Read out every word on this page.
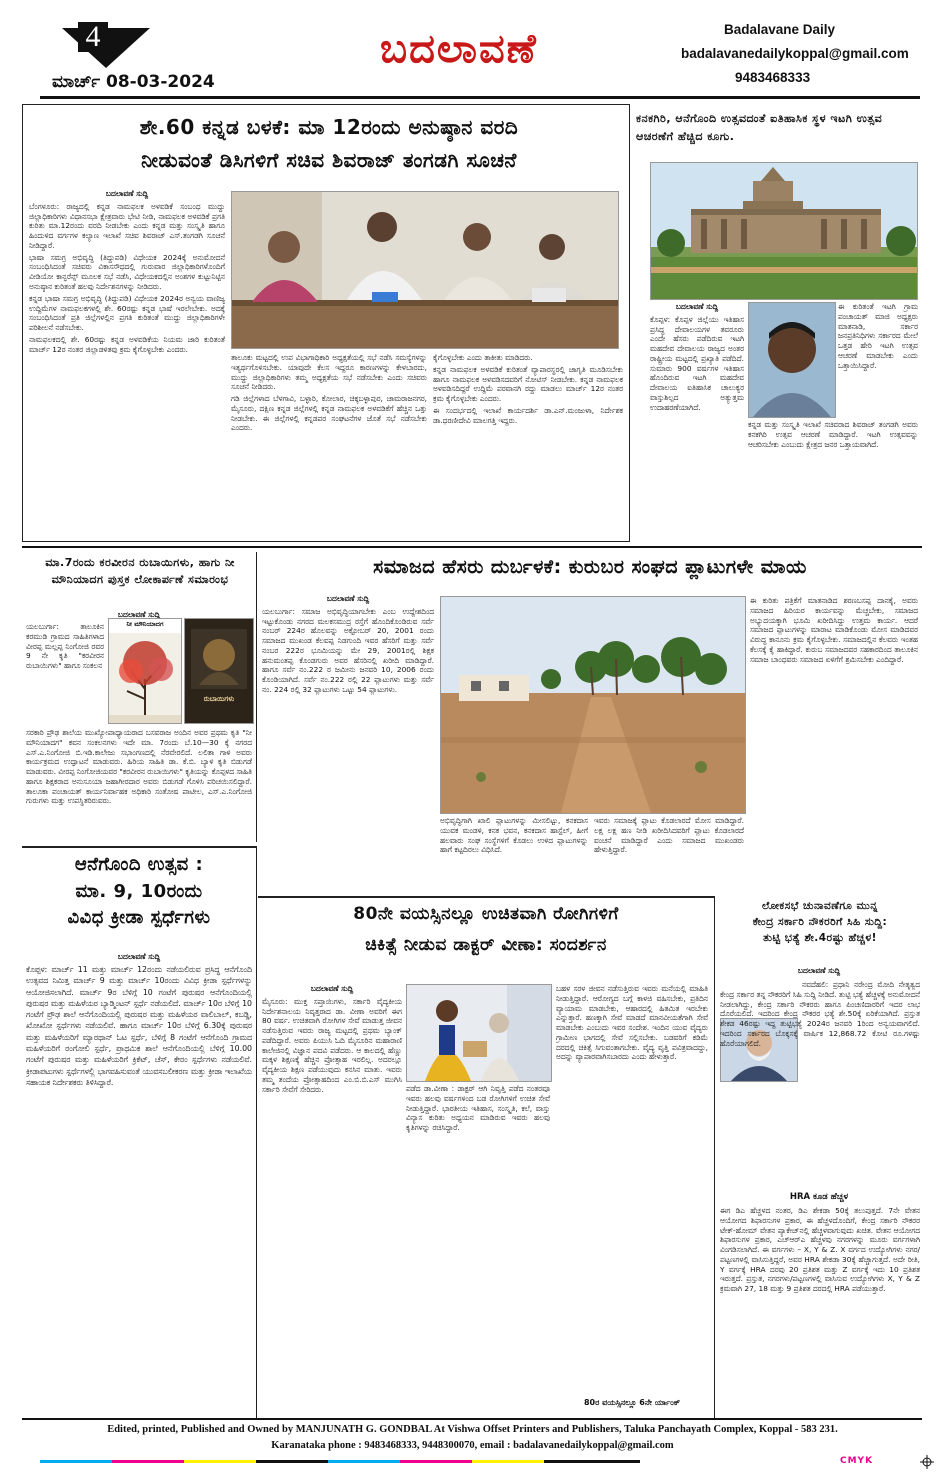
4
ಮಾರ್ಚ್ 08-03-2024
ಬದಲಾವಣೆ	Badalavane Daily
badalavanedailykoppal@gmail.com
9483468333
ಶೇ.60 ಕನ್ನಡ ಬಳಕೆ: ಮಾ 12ರಂದು ಅನುಷ್ಠಾನ ವರದಿ
ನೀಡುವಂತೆ ಡಿಸಿಗಳಿಗೆ ಸಚಿವ ಶಿವರಾಜ್ ತಂಗಡಗಿ ಸೂಚನೆ
ಬದಲಾವಣೆ ಸುದ್ದಿ

ಬೆಂಗಳೂರು: ರಾಜ್ಯದಲ್ಲಿ ಕನ್ನಡ ನಾಮಫಲಕ ಅಳವಡಿಕೆ ಸಂಬಂಧ ಮುದ್ದು ಜಿಲ್ಲಾಧಿಕಾರಿಗಳು ವಿಧಾನಸಭಾ ಕ್ಷೇತ್ರವಾರು ಭೇಟಿ ನೀಡಿ, ನಾಮಫಲಕ ಅಳವಡಿಕೆ ಪ್ರಗತಿ ಕುರಿತು ಮಾ.12ರಂದು ವರದಿ ನೀಡಬೇಕು ಎಂದು ಕನ್ನಡ ಮತ್ತು ಸಂಸ್ಕೃತಿ ಹಾಗೂ ಹಿಂದುಳಿದ ವರ್ಗಗಳ ಕಲ್ಯಾಣ ಇಲಾಖೆ ಸಚಿವ ಶಿವರಾಜ್ ಎಸ್.ತಂಗಡಗಿ ಸೂಚನೆ ನೀಡಿದ್ದಾರೆ.

ಭಾಷಾ ಸಮಗ್ರ ಅಭಿವೃದ್ಧಿ (ತಿದ್ದುಪಡಿ) ವಿಧೇಯಕ 2024ಕ್ಕೆ ಅನುಮೋದನೆ ಸಂಬಂಧಿಸಿದಂತೆ ಸಚಿವರು ವಿಕಾಸಸೌಧದಲ್ಲಿ ಗುರುವಾರ ಜಿಲ್ಲಾಧಿಕಾರಿಗಳೊಂದಿಗೆ ವೀಡಿಯೋ ಕಾನ್ಫರೆನ್ಸ್ ಮೂಲಕ ಸಭೆ ನಡೆಸಿ, ವಿಧೇಯಕದಲ್ಲಿನ ಅಂಶಗಳ ಕುಟ್ಟುನಿಟ್ಟಿನ ಅನುಷ್ಠಾನ ಕುರಿತಂತೆ ಹಲವು ನಿರ್ದೇಶನಗಳನ್ನು ನೀಡಿದರು.

ಕನ್ನಡ ಭಾಷಾ ಸಮಗ್ರ ಅಭಿವೃದ್ಧಿ (ತಿದ್ದುಪಡಿ) ವಿಧೇಯಕ 2024ರ ಅನ್ವಯ ವಾಣಿಜ್ಯ ಉದ್ದಿಮೆಗಳ ನಾಮಫಲಕಗಳಲ್ಲಿ ಶೇ. 60ರಷ್ಟು ಕನ್ನಡ ಭಾಷೆ ಇರಲೇಬೇಕು. ಅದಕ್ಕೆ ಸಂಬಂಧಿಸಿದಂತೆ ಪ್ರತಿ ಜಿಲ್ಲೆಗಳಲ್ಲಿನ ಪ್ರಗತಿ ಕುರಿತಂತೆ ಮುದ್ದು ಜಿಲ್ಲಾಧಿಕಾರಿಗಳೇ ಪರಿಶೀಲನೆ ನಡೆಸಬೇಕು.

ನಾಮಫಲಕದಲ್ಲಿ ಶೇ. 60ರಷ್ಟು ಕನ್ನಡ ಅಳವಡಿಕೆಯ ನಿಯಮ ಜಾರಿ ಕುರಿತಂತೆ ಮಾರ್ಚ್ 12ರ ನಂತರ ಜಿಲ್ಲಾಡಳಿತವು ಕ್ರಮ ಕೈಗೊಳ್ಳಬೇಕು ಎಂದರು.

ತಾಲೂಕು ಮಟ್ಟದಲ್ಲಿ ಉಪ ವಿಭಾಗಾಧಿಕಾರಿ ಅಧ್ಯಕ್ಷತೆಯಲ್ಲಿ ಸಭೆ ನಡೆಸಿ ಸಮಸ್ಯೆಗಳನ್ನು ಇತ್ಯರ್ಥಗೊಳಿಸಬೇಕು. ಯಾವುದೇ ಕೆಲಸ ಇದ್ದರೂ ಕಾರಣಗಳನ್ನು ಕೇಳಬಾರದು, ಮುದ್ದು ಜಿಲ್ಲಾಧಿಕಾರಿಗಳು ತಮ್ಮ ಅಧ್ಯಕ್ಷತೆಯ ಸಭೆ ನಡೆಸಬೇಕು ಎಂದು ಸಚಿವರು ಸೂಚನೆ ನೀಡಿದರು.

ಗಡಿ ಜಿಲ್ಲೆಗಳಾದ ಬೆಳಗಾವಿ, ಬಳ್ಳಾರಿ, ಕೋಲಾರ, ಚಿಕ್ಕಬಳ್ಳಾಪುರ, ಚಾಮರಾಜನಗರ, ಮೈಸೂರು, ದಕ್ಷಿಣ ಕನ್ನಡ ಜಿಲ್ಲೆಗಳಲ್ಲಿ ಕನ್ನಡ ನಾಮಫಲಕ ಅಳವಡಿಕೆಗೆ ಹೆಚ್ಚಿನ ಒತ್ತು ನೀಡಬೇಕು. ಈ ಜಿಲ್ಲೆಗಳಲ್ಲಿ ಕನ್ನಡಪರ ಸಂಘಟನೆಗಳ ಜೊತೆ ಸಭೆ ನಡೆಸಬೇಕು ಎಂದರು.

ಕೈಗೊಳ್ಳಬೇಕು ಎಂದು ತಾಕೀತು ಮಾಡಿದರು.

ಕನ್ನಡ ನಾಮಫಲಕ ಅಳವಡಿಕೆ ಕುರಿತಂತೆ ವ್ಯಾಪಾರಸ್ಥರಲ್ಲಿ ಜಾಗೃತಿ ಮೂಡಿಸಬೇಕು ಹಾಗೂ ನಾಮಫಲಕ ಅಳವಡಿಸದವರಿಗೆ ನೋಟಿಸ್ ನೀಡಬೇಕು. ಕನ್ನಡ ನಾಮಫಲಕ ಅಳವಡಿಸದಿದ್ದರೆ ಉದ್ದಿಮೆ ಪರವಾನಗಿ ರದ್ದು ಮಾಡಲು ಮಾರ್ಚ್ 12ರ ನಂತರ ಕ್ರಮ ಕೈಗೊಳ್ಳಬೇಕು ಎಂದರು.

ಈ ಸಂದರ್ಭದಲ್ಲಿ ಇಲಾಖೆ ಕಾರ್ಯದರ್ಶಿ ಡಾ.ಎನ್.ಮಂಜುಳಾ, ನಿರ್ದೇಶಕ ಡಾ.ಧರಣೀದೇವಿ ಮಾಲಗತ್ತಿ ಇದ್ದರು.

ಕನಕಗಿರಿ, ಆನೆಗೊಂದಿ ಉತ್ಸವದಂತೆ ಐತಿಹಾಸಿಕ ಸ್ಥಳ ಇಟಗಿ ಉತ್ಸವ ಆಚರಣೆಗೆ ಹೆಚ್ಚಿದ ಕೂಗು.
ಬದಲಾವಣೆ ಸುದ್ದಿ

ಕೊಪ್ಪಳ: ಕೊಪ್ಪಳ ಜಿಲ್ಲೆಯು ಇತಿಹಾಸ ಪ್ರಸಿದ್ಧ ದೇವಾಲಯಗಳ ತವರೂರು ಎಂದೇ ಹೆಸರು ಪಡೆದಿರುವ ಇಟಗಿ ಮಹದೇವ ದೇವಾಲಯ ರಾಜ್ಯದ ಅಂತರ ರಾಷ್ಟ್ರೀಯ ಮಟ್ಟದಲ್ಲಿ ಪ್ರಖ್ಯಾತಿ ಪಡೆದಿದೆ. ಸುಮಾರು 900 ವರ್ಷಗಳ ಇತಿಹಾಸ ಹೊಂದಿರುವ ಇಟಗಿ ಮಹದೇವ ದೇವಾಲಯ ಐತಿಹಾಸಿಕ ಚಾಲುಕ್ಯರ ವಾಸ್ತುಶಿಲ್ಪದ ಅತ್ಯುತ್ತಮ ಉದಾಹರಣೆಯಾಗಿದೆ.

ಈ ಕುರಿತಂತೆ ಇಟಗಿ ಗ್ರಾಮ ಪಂಚಾಯತ್ ಮಾಜಿ ಅಧ್ಯಕ್ಷರು ಮಾತನಾಡಿ, ಸರ್ಕಾರ ಜನಪ್ರತಿನಿಧಿಗಳು ಸರ್ಕಾರದ ಮೇಲೆ ಒತ್ತಡ ಹೇರಿ ಇಟಗಿ ಉತ್ಸವ ಆಚರಣೆ ಮಾಡಬೇಕು ಎಂದು ಒತ್ತಾಯಿಸಿದ್ದಾರೆ.

ಕನ್ನಡ ಮತ್ತು ಸಂಸ್ಕೃತಿ ಇಲಾಖೆ ಸಚಿವರಾದ ಶಿವರಾಜ್ ತಂಗಡಗಿ ಅವರು ಕನಕಗಿರಿ ಉತ್ಸವ ಆಚರಣೆ ಮಾಡಿದ್ದಾರೆ. ಇಟಗಿ ಉತ್ಸವವನ್ನು ಆಚರಿಸಬೇಕು ಎಂಬುದು ಕ್ಷೇತ್ರದ ಜನರ ಒತ್ತಾಯವಾಗಿದೆ.

ಮಾ.7ರಂದು ಕರವೀರನ ರುಬಾಯಿಗಳು, ಹಾಗು ನೀ ಮೌನಿಯಾದಗ ಪುಸ್ತಕ ಲೋಕಾರ್ಪಣೆ ಸಮಾರಂಭ
ಬದಲಾವಣೆ ಸುದ್ದಿ
ಯಲಬುರ್ಗಾ: ತಾಲೂಕಿನ ಕರಮುಡಿ ಗ್ರಾಮದ ಸಾಹಿತಿಗಳಾದ ವೀರಪ್ಪ ಮಲ್ಲಪ್ಪ ನಿಂಗೋಜಿ ರವರ 9 ನೇ ಕೃತಿ "ಕರವೀರನ ರುಬಾಯಿಗಳು" ಹಾಗೂ ಸಂಕಲನ
ನೀ ಮೌನಿಯಾದಗ
ರುಬಾಯಿಗಳು
ಸರಕಾರಿ ಪ್ರೌಢ ಶಾಲೆಯ ಮುಖ್ಯೋಪಾಧ್ಯಾಯರಾದ ಬಸವರಾಜ ಅಂದಿನ ಅವರ ಪ್ರಥಮ ಕೃತಿ "ನೀ ಮೌನಿಯಾದಗ" ಕವನ ಸಂಕಲನಗಳು ಇದೇ ಮಾ. 7ರಂದು ಬೆ.10—30 ಕ್ಕೆ ನಗರದ ಎಸ್.ಎ.ನಿಂಗೋಜಿ ಬಿ.ಇಡಿ.ಕಾಲೇಜು ಸಭಾಂಗಣದಲ್ಲಿ ನೆರವೇರಲಿದೆ. ಲಲಿತಾ ಗಾಳಿ ಅವರು ಕಾರ್ಯಕ್ರಮದ ಉದ್ಘಾಟನೆ ಮಾಡುವರು. ಹಿರಿಯ ಸಾಹಿತಿ ಡಾ. ಕೆ.ಬಿ. ಬ್ಯಾಳಿ ಕೃತಿ ಬಿಡುಗಡೆ ಮಾಡುವರು. ವೀರಪ್ಪ ನಿಂಗೋಜಿಯವರ "ಕರವೀರನ ರುಬಾಯಿಗಳು" ಕೃತಿಯನ್ನು ಕೊಪ್ಪಳದ ಸಾಹಿತಿ ಹಾಗೂ ಶಿಕ್ಷಕರಾದ ಅನುಸೂಯಾ ಜಹಾಗೀರದಾರ ಅವರು ಬಿಡುಗಡೆ ಗೊಳಿಸಿ ಪರಿಚಯಿಸಲಿದ್ದಾರೆ. ತಾಲೂಕಾ ಪಂಚಾಯತ್ ಕಾರ್ಯನಿರ್ವಾಹಕ ಅಧಿಕಾರಿ ಸಂತೋಷ ಪಾಟೀಲ, ಎಸ್.ಎ.ನಿಂಗೋಜಿ ಗುರುಗಳು ಮತ್ತು ಉಪಸ್ಥಿತರಿರುವರು.
ಆನೆಗೊಂದಿ ಉತ್ಸವ :
ಮಾ. 9, 10ರಂದು
ವಿವಿಧ ಕ್ರೀಡಾ ಸ್ಪರ್ಧೆಗಳು
ಬದಲಾವಣೆ ಸುದ್ದಿ
ಕೊಪ್ಪಳ: ಮಾರ್ಚ್ 11 ಮತ್ತು ಮಾರ್ಚ್ 12ರಂದು ನಡೆಯಲಿರುವ ಪ್ರಸಿದ್ಧ ಆನೆಗೊಂದಿ ಉತ್ಸವದ ನಿಮಿತ್ತ ಮಾರ್ಚ್ 9 ಮತ್ತು ಮಾರ್ಚ್ 10ರಂದು ವಿವಿಧ ಕ್ರೀಡಾ ಸ್ಪರ್ಧೆಗಳನ್ನು ಆಯೋಜಿಸಲಾಗಿದೆ. ಮಾರ್ಚ್ 9ರ ಬೆಳಿಗ್ಗೆ 10 ಗಂಟೆಗೆ ಪುರುಷರ ಆನೆಗೊಂದಿಯಲ್ಲಿ ಪುರುಷರ ಮತ್ತು ಮಹಿಳೆಯರ ಬ್ಯಾಡ್ಮಿಂಟನ್ ಸ್ಪರ್ಧೆ ನಡೆಯಲಿದೆ. ಮಾರ್ಚ್ 10ರ ಬೆಳಿಗ್ಗೆ 10 ಗಂಟೆಗೆ ಪ್ರೌಢ ಶಾಲೆ ಆನೆಗೊಂದಿಯಲ್ಲಿ ಪುರುಷರ ಮತ್ತು ಮಹಿಳೆಯರ ವಾಲಿಬಾಲ್, ಕಬಡ್ಡಿ, ಖೋಖೋ ಸ್ಪರ್ಧೆಗಳು ನಡೆಯಲಿವೆ. ಹಾಗೂ ಮಾರ್ಚ್ 10ರ ಬೆಳಿಗ್ಗೆ 6.30ಕ್ಕೆ ಪುರುಷರ ಮತ್ತು ಮಹಿಳೆಯರಿಗೆ ಮ್ಯಾರಥಾನ್ ಓಟ ಸ್ಪರ್ಧೆ, ಬೆಳಿಗ್ಗೆ 8 ಗಂಟೆಗೆ ಆನೆಗೊಂದಿ ಗ್ರಾಮದ ಮಹಿಳೆಯರಿಗೆ ರಂಗೋಲಿ ಸ್ಪರ್ಧೆ, ಪ್ರಾಥಮಿಕ ಶಾಲೆ ಆನೆಗೊಂದಿಯಲ್ಲಿ ಬೆಳಿಗ್ಗೆ 10.00 ಗಂಟೆಗೆ ಪುರುಷರ ಮತ್ತು ಮಹಿಳೆಯರಿಗೆ ಕ್ರಿಕೆಟ್, ಚೆಸ್, ಕೇರಂ ಸ್ಪರ್ಧೆಗಳು ನಡೆಯಲಿವೆ. ಕ್ರೀಡಾಪಟುಗಳು ಸ್ಪರ್ಧೆಗಳಲ್ಲಿ ಭಾಗವಹಿಸುವಂತೆ ಯುವಸಬಲೀಕರಣ ಮತ್ತು ಕ್ರೀಡಾ ಇಲಾಖೆಯ ಸಹಾಯಕ ನಿರ್ದೇಶಕರು ತಿಳಿಸಿದ್ದಾರೆ.
ಸಮಾಜದ ಹೆಸರು ದುರ್ಬಳಕೆ: ಕುರುಬರ ಸಂಘದ ಪ್ಲಾಟುಗಳೇ ಮಾಯ
ಬದಲಾವಣೆ ಸುದ್ದಿ

ಯಲಬುರ್ಗಾ: ಸಮಾಜ ಅಭಿವೃದ್ಧಿಯಾಗಬೇಕು ಎಂಬ ಉದ್ದೇಶದಿಂದ ಇಟ್ಟುಕೊಂಡು ನಗರದ ಮಲಕಸಮುದ್ರ ರಸ್ತೆಗೆ ಹೊಂದಿಕೊಂಡಿರುವ ಸರ್ವೆ ನಂಬರ್ 224ರ ಹೊಲವನ್ನು ಅಕ್ಟೋಬರ್ 20, 2001 ರಂದು ಸಮಾಜದ ಮುಖಂಡ ಕೆಲವಪ್ಪ ನಿಡಗುಂದಿ ಇವರ ಹೆಸರಿಗೆ ಮತ್ತು ಸರ್ವೆ ನಂಬರ 222ರ ಭೂಮಿಯನ್ನು ಮೇ 29, 2001ರಲ್ಲಿ ಶಿಕ್ಷಕ ಹನುಮಂತಪ್ಪ ಕೊಂಡಗುರು ಅವರ ಹೆಸರಿನಲ್ಲಿ ಖರೀದಿ ಮಾಡಿದ್ದಾರೆ. ಹಾಗೂ ಸರ್ವೆ ನಂ.222 ರ ಜಮೀನು ಜನವರಿ 10, 2006 ರಂದು ಕೊಂಡಿಯಾಗಿದೆ. ಸರ್ವೆ ನಂ.222 ರಲ್ಲಿ 22 ಪ್ಲಾಟುಗಳು ಮತ್ತು ಸರ್ವೆ ನಂ. 224 ರಲ್ಲಿ 32 ಪ್ಲಾಟುಗಳು ಒಟ್ಟು 54 ಪ್ಲಾಟುಗಳು.

ಅಭಿವೃದ್ಧಿಗಾಗಿ ಖಾಲಿ ಪ್ಲಾಟುಗಳನ್ನು ಮೀಸಲಿಟ್ಟು, ಕನಕದಾಸ ಯುವಕ ಮಂಡಳಿ, ಕನಕ ಭವನ, ಕನಕದಾಸ ಹಾಸ್ಟೆಲ್, ಹೀಗೆ ಹಲವಾರು ಸಂಘ ಸಂಸ್ಥೆಗಳಿಗೆ ಕೊಡಲು ಉಳಿದ ಪ್ಲಾಟುಗಳನ್ನು ಹಾಗೆ ಕಟ್ಟದಿರಲು ವಿಧಿಸಿದೆ.
ಇವರು ಸಮಾಜಕ್ಕೆ ಪ್ಲಾಟು ಕೊಡಲಾರದೆ ಮೋಸ ಮಾಡಿದ್ದಾರೆ. ಲಕ್ಷ ಲಕ್ಷ ಹಣ ನೀಡಿ ಖರೀದಿಸಿದವರಿಗೆ ಪ್ಲಾಟು ಕೊಡಲಾರದೆ ವಂಚನೆ ಮಾಡಿದ್ದಾರೆ ಎಂದು ಸಮಾಜದ ಮುಖಂಡರು ಹೇಳುತ್ತಿದ್ದಾರೆ.
ಈ ಕುರಿತು ಪತ್ರಿಕೆಗೆ ಮಾತನಾಡಿದ ಶರಣಬಸಪ್ಪ ದಾನಕೈ, ಅವರು ಸಮಾಜದ ಹಿರಿಯರ ಕಾರ್ಯವನ್ನು ಮೆಚ್ಚಬೇಕು, ಸಮಾಜದ ಅಭ್ಯುದಯಕ್ಕಾಗಿ ಭೂಮಿ ಖರೀದಿಸಿದ್ದು ಉತ್ತಮ ಕಾರ್ಯ. ಆದರೆ ಸಮಾಜದ ಪ್ಲಾಟುಗಳನ್ನು ಮಾರಾಟ ಮಾಡಿಕೊಂಡು ಮೋಸ ಮಾಡಿದವರ ವಿರುದ್ಧ ಕಾನೂನು ಕ್ರಮ ಕೈಗೊಳ್ಳಬೇಕು. ಸಮಾಜದಲ್ಲಿನ ಕೆಲವರು ಇಂತಹ ಕೆಲಸಕ್ಕೆ ಕೈ ಹಾಕಿದ್ದಾರೆ. ಕುರುಬ ಸಮಾಜದವರ ಸಹಕಾರದಿಂದ ತಾಲೂಕಿನ ಸಮಾಜ ಬಾಂಧವರು ಸಮಾಜದ ಏಳಿಗೆಗೆ ಶ್ರಮಿಸಬೇಕು ಎಂದಿದ್ದಾರೆ.
80ನೇ ವಯಸ್ಸಿನಲ್ಲೂ ಉಚಿತವಾಗಿ ರೋಗಿಗಳಿಗೆ
ಚಿಕಿತ್ಸೆ ನೀಡುವ ಡಾಕ್ಟರ್ ವೀಣಾ: ಸಂದರ್ಶನ
ಬದಲಾವಣೆ ಸುದ್ದಿ

ಮೈಸೂರು: ಮುಕ್ತ ಸಪ್ತಾಯಿಗಳು, ಸರ್ಕಾರಿ ವೈದ್ಯಕೀಯ ನಿರ್ದೇಶನಾಲಯ ನಿವೃತ್ತರಾದ ಡಾ. ವೀಣಾ ಅವರಿಗೆ ಈಗ 80 ವರ್ಷ. ಉಚಿತವಾಗಿ ರೋಗಿಗಳ ಸೇವೆ ಮಾಡುತ್ತ ಜೀವನ ನಡೆಸುತ್ತಿರುವ ಇವರು ರಾಜ್ಯ ಮಟ್ಟದಲ್ಲಿ ಪ್ರಥಮ ಬ್ಯಾಂಕ್ ಪಡೆದಿದ್ದಾರೆ. ಅವರು ಪಿಯುಸಿ ಓದಿ ಮೈಸೂರಿನ ಮಹಾರಾಣಿ ಕಾಲೇಜಿನಲ್ಲಿ ವಿಜ್ಞಾನ ಪದವಿ ಪಡೆದರು. ಆ ಕಾಲದಲ್ಲಿ ಹೆಣ್ಣು ಮಕ್ಕಳ ಶಿಕ್ಷಣಕ್ಕೆ ಹೆಚ್ಚಿನ ಪ್ರೋತ್ಸಾಹ ಇರಲಿಲ್ಲ. ಅದರಲ್ಲೂ ವೈದ್ಯಕೀಯ ಶಿಕ್ಷಣ ಪಡೆಯುವುದು ಕನಸಿನ ಮಾತು. ಇವರು ತಮ್ಮ ತಂದೆಯ ಪ್ರೋತ್ಸಾಹದಿಂದ ಎಂ.ಬಿ.ಬಿ.ಎಸ್ ಮುಗಿಸಿ ಸರ್ಕಾರಿ ಸೇವೆಗೆ ಸೇರಿದರು.	ಪಡೆದ ಡಾ.ವೀಣಾ : ಡಾಕ್ಟರ್ ಆಗಿ ನಿವೃತ್ತಿ ಪಡೆದ ನಂತರವೂ ಇವರು ಹಲವು ವರ್ಷಗಳಿಂದ ಬಡ ರೋಗಿಗಳಿಗೆ ಉಚಿತ ಸೇವೆ ನೀಡುತ್ತಿದ್ದಾರೆ. ಭಾರತೀಯ ಇತಿಹಾಸ, ಸಂಸ್ಕೃತಿ, ಕಲೆ, ವಾಸ್ತು ವಿನ್ಯಾಸ ಕುರಿತು ಅಧ್ಯಯನ ಮಾಡಿರುವ ಇವರು ಹಲವು ಕೃತಿಗಳನ್ನು ರಚಿಸಿದ್ದಾರೆ.
ಬಹಳ ಸರಳ ಜೀವನ ನಡೆಸುತ್ತಿರುವ ಇವರು ಮನೆಯಲ್ಲಿ ಮಾಹಿತಿ ನೀಡುತ್ತಿದ್ದಾರೆ. ಆರೋಗ್ಯದ ಬಗ್ಗೆ ಕಾಳಜಿ ವಹಿಸಬೇಕು, ಪ್ರತಿದಿನ ವ್ಯಾಯಾಮ ಮಾಡಬೇಕು, ಆಹಾರದಲ್ಲಿ ಹಿತಮಿತ ಇರಬೇಕು ಎನ್ನುತ್ತಾರೆ. ಹಣಕ್ಕಾಗಿ ಸೇವೆ ಮಾಡದೆ ಮಾನವೀಯತೆಗಾಗಿ ಸೇವೆ ಮಾಡಬೇಕು ಎಂಬುದು ಇವರ ಸಂದೇಶ. ಇಂದಿನ ಯುವ ವೈದ್ಯರು ಗ್ರಾಮೀಣ ಭಾಗದಲ್ಲಿ ಸೇವೆ ಸಲ್ಲಿಸಬೇಕು. ಬಡವರಿಗೆ ಕಡಿಮೆ ದರದಲ್ಲಿ ಚಿಕಿತ್ಸೆ ಸಿಗುವಂತಾಗಬೇಕು. ವೈದ್ಯ ವೃತ್ತಿ ಪವಿತ್ರವಾದದ್ದು, ಅದನ್ನು ವ್ಯಾಪಾರವಾಗಿಸಬಾರದು ಎಂದು ಹೇಳುತ್ತಾರೆ.
80ರ ವಯಸ್ಸಿನಲ್ಲೂ 6ನೇ ರ್ಯಾಂಕ್
ಲೋಕಸಭೆ ಚುನಾವಣೆಗೂ ಮುನ್ನ
ಕೇಂದ್ರ ಸರ್ಕಾರಿ ನೌಕರರಿಗೆ ಸಿಹಿ ಸುದ್ದಿ:
ತುಟ್ಟಿ ಭತ್ಯೆ ಶೇ.4ರಷ್ಟು ಹೆಚ್ಚಳ!
ಬದಲಾವಣೆ ಸುದ್ದಿ
ನವದೆಹಲಿ: ಪ್ರಧಾನಿ ನರೇಂದ್ರ ಮೋದಿ ನೇತೃತ್ವದ ಕೇಂದ್ರ ಸರ್ಕಾರ ತನ್ನ ನೌಕರರಿಗೆ ಸಿಹಿ ಸುದ್ದಿ ನೀಡಿದೆ. ತುಟ್ಟಿ ಭತ್ಯೆ ಹೆಚ್ಚಳಕ್ಕೆ ಅನುಮೋದನೆ ನೀಡಲಾಗಿದ್ದು, ಕೇಂದ್ರ ಸರ್ಕಾರಿ ನೌಕರರು ಹಾಗೂ ಪಿಂಚಣಿದಾರರಿಗೆ ಇದರ ಲಾಭ ದೊರೆಯಲಿದೆ. ಇದರಿಂದ ಕೇಂದ್ರ ನೌಕರರ ಭತ್ಯೆ ಶೇ.50ಕ್ಕೆ ಏರಿಕೆಯಾಗಿದೆ. ಪ್ರಸ್ತುತ ಶೇಕಡ 46ರಷ್ಟು ಇದ್ದ ತುಟ್ಟಿಭತ್ಯೆ 2024ರ ಜನವರಿ 1ರಿಂದ ಅನ್ವಯವಾಗಲಿದೆ. ಇದರಿಂದ ಸರ್ಕಾರದ ಬೊಕ್ಕಸಕ್ಕೆ ವಾರ್ಷಿಕ 12,868.72 ಕೋಟಿ ರೂ.ಗಳಷ್ಟು ಹೊರೆಯಾಗಲಿದೆ.
HRA ಕೂಡ ಹೆಚ್ಚಳ
ಈಗ ಡಿಎ ಹೆಚ್ಚಳದ ನಂತರ, ಡಿಎ ಶೇಕಡಾ 50ಕ್ಕೆ ತಲುಪುತ್ತದೆ. 7ನೇ ವೇತನ ಆಯೋಗದ ಶಿಫಾರಸುಗಳ ಪ್ರಕಾರ, ಈ ಹೆಚ್ಚಳದೊಂದಿಗೆ, ಕೇಂದ್ರ ಸರ್ಕಾರಿ ನೌಕರರ ಟೇಕ್-ಹೋಮ್ ವೇತನ ಪ್ಯಾಕೇಜ್‌ನಲ್ಲಿ ಹೆಚ್ಚಳವಾಗುವುದು ಖಚಿತ. ವೇತನ ಆಯೋಗದ ಶಿಫಾರಸುಗಳ ಪ್ರಕಾರ, ಎಚ್‌ಆರ್‌ಎ ಹೆಚ್ಚಳವು ನಗರಗಳನ್ನು ಮೂರು ವರ್ಗಗಳಾಗಿ ವಿಂಗಡಿಸಲಾಗಿದೆ. ಈ ವರ್ಗಗಳು – X, Y & Z. X ವರ್ಗದ ಉದ್ಯೋಗಿಗಳು ನಗರ/ಪಟ್ಟಣಗಳಲ್ಲಿ ವಾಸಿಸುತ್ತಿದ್ದರೆ, ಅವರ HRA ಶೇಕಡಾ 30ಕ್ಕೆ ಹೆಚ್ಚಾಗುತ್ತದೆ. ಅದೇ ರೀತಿ, Y ವರ್ಗಕ್ಕೆ HRA ದರವು 20 ಪ್ರತಿಶತ ಮತ್ತು Z ವರ್ಗಕ್ಕೆ ಇದು 10 ಪ್ರತಿಶತ ಇರುತ್ತದೆ. ಪ್ರಸ್ತುತ, ನಗರಗಳು/ಪಟ್ಟಣಗಳಲ್ಲಿ ವಾಸಿಸುವ ಉದ್ಯೋಗಿಗಳು X, Y & Z ಕ್ರಮವಾಗಿ 27, 18 ಮತ್ತು 9 ಪ್ರತಿಶತ ದರದಲ್ಲಿ HRA ಪಡೆಯುತ್ತಾರೆ.
Edited, printed, Published and Owned by MANJUNATH G. GONDBAL At Vishwa Offset Printers and Publishers, Taluka Panchayath Complex, Koppal - 583 231.
Karanataka phone : 9483468333, 9448300070, email : badalavanedailykoppal@gmail.com
CMYK
